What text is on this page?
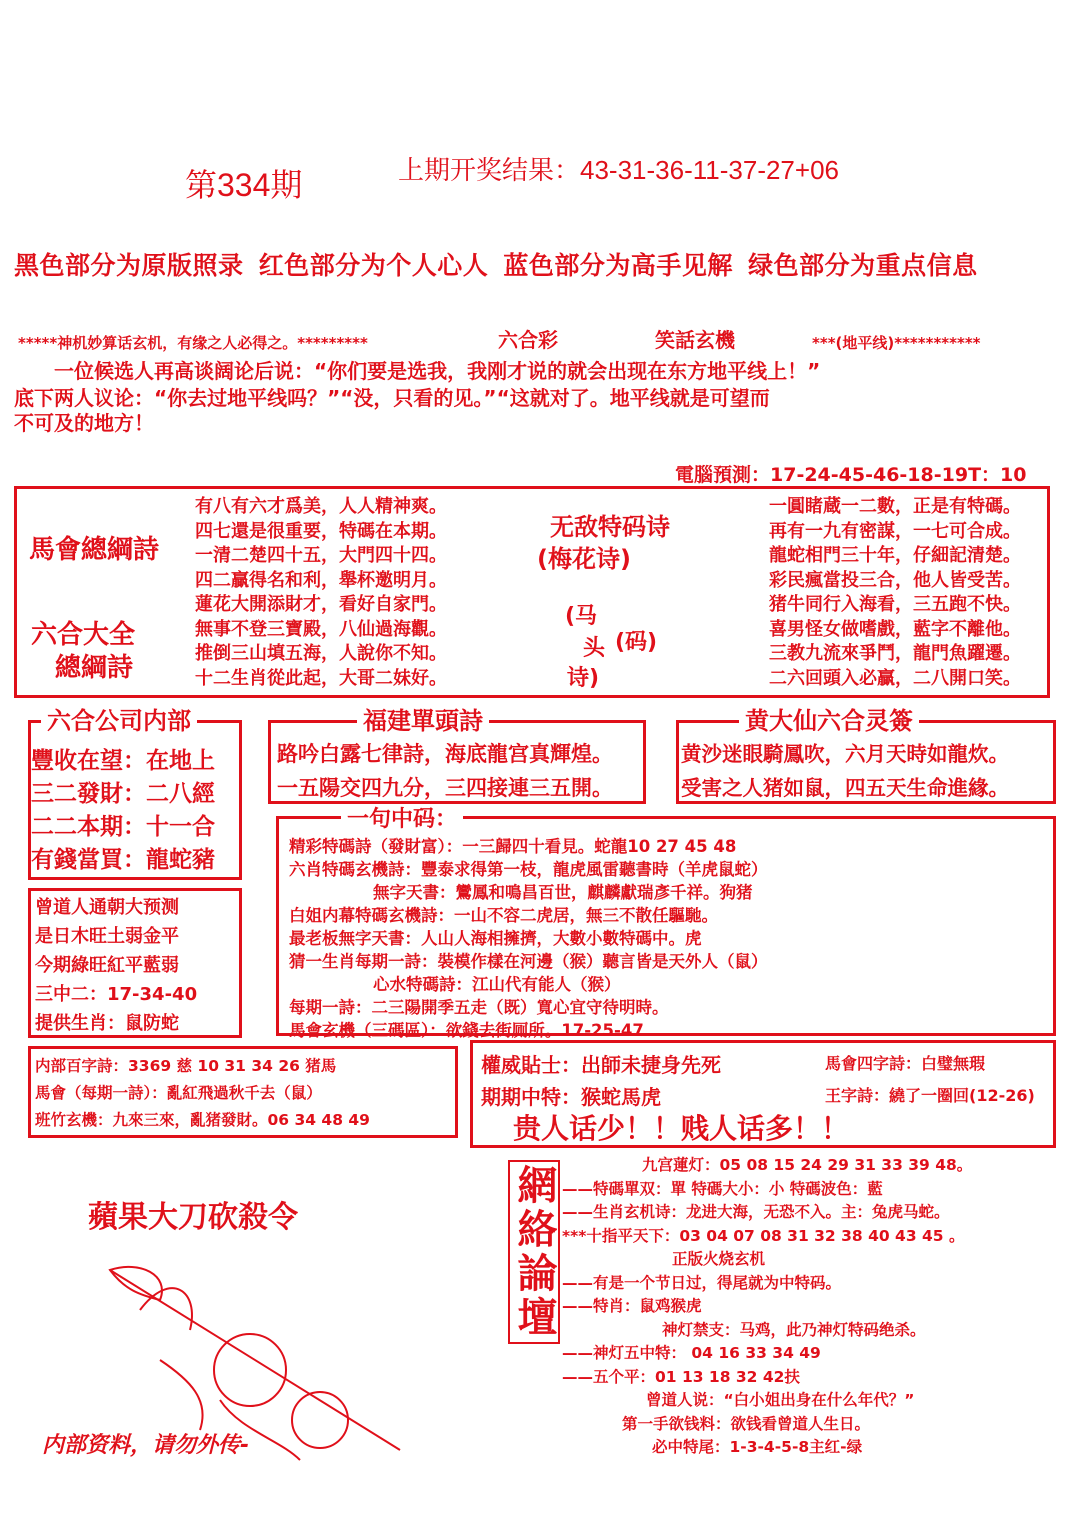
第334期	上期开奖结果：43-31-36-11-37-27+06
黑色部分为原版照录 红色部分为个人心人 蓝色部分为高手见解 绿色部分为重点信息
*****神机妙算话玄机，有缘之人必得之。*********	六合彩	笑話玄機	***(地平线)***********
一位候选人再高谈阔论后说：“你们要是选我，我刚才说的就会出现在东方地平线上！”
底下两人议论：“你去过地平线吗？”“没，只看的见。”“这就对了。地平线就是可望而
不可及的地方！
電腦預測：17-24-45-46-18-19T：10
馬會總綱詩
六合大全
總綱詩
有八有六才爲美，人人精神爽。
四七還是很重要，特碼在本期。
一清二楚四十五，大門四十四。
四二贏得名和利，舉杯邀明月。
蓮花大開添財才，看好自家門。
無事不登三寶殿，八仙過海觀。
推倒三山填五海，人說你不知。
十二生肖從此起，大哥二妹好。
无敌特码诗
(梅花诗)
(马
头 (码)
诗)
一圓睹蔵一二數，正是有特碼。
再有一九有密謀，一七可合成。
龍蛇相門三十年，仔細記清楚。
彩民瘋當投三合，他人皆受苦。
猪牛同行入海看，三五跑不快。
喜男怪女做嗜戲，藍字不離他。
三教九流來爭鬥，龍門魚躍遷。
二六回頭入必贏，二八開口笑。
六合公司内部
豐收在望：在地上
三二發財：二八經
二二本期：十一合
有錢當買：龍蛇豬
福建單頭詩
路吟白露七律詩，海底龍宫真輝煌。
一五陽交四九分，三四接連三五開。
黄大仙六合灵簽
黄沙迷眼騎鳳吹，六月天時如龍炊。
受害之人猪如鼠，四五天生命進緣。
一句中码：
精彩特碼詩（發財富）：一三歸四十看見。蛇龍10 27 45 48
六肖特碼玄機詩：豐泰求得第一枝，龍虎風雷聽書時（羊虎鼠蛇）
無字天書：鸞鳳和鳴昌百世，麒麟獻瑞彥千祥。狗猪
白姐内幕特碼玄機詩：一山不容二虎居，無三不散任驅馳。
最老板無字天書：人山人海相擁擠，大數小數特碼中。虎
猜一生肖每期一詩：裝模作樣在河邊（猴）聽言皆是天外人（鼠）
心水特碼詩：江山代有能人（猴）
每期一詩：二三陽開季五走（既）寬心宜守待明時。
馬會玄機（三碼區）：欲錢去街厕所。17-25-47
曾道人通朝大预测
是日木旺土弱金平
今期綠旺紅平藍弱
三中二：17-34-40
提供生肖：鼠防蛇
内部百字詩：3369 慈 10 31 34 26 猪馬
馬會（每期一詩）：亂紅飛過秋千去（鼠）
班竹玄機：九來三來，亂猪發財。06 34 48 49
權威貼士：出師未捷身先死
期期中特：猴蛇馬虎
馬會四字詩：白璧無瑕
王字詩：繞了一圈回(12-26)
贵人话少！！贱人话多！！
蘋果大刀砍殺令
内部资料，请勿外传-
網絡論壇	九宫蓮灯：05 08 15 24 29 31 33 39 48。
——特碼單双：單 特碼大小：小 特碼波色：藍
——生肖玄机诗：龙进大海，无恐不入。主：兔虎马蛇。
***十指平天下：03 04 07 08 31 32 38 40 43 45 。
正版火烧玄机
——有是一个节日过，得尾就为中特码。
——特肖：鼠鸡猴虎
神灯禁支：马鸡，此乃神灯特码绝杀。
——神灯五中特： 04 16 33 34 49
——五个平：01 13 18 32 42扶
曾道人说：“白小姐出身在什么年代？”
第一手欲钱料：欲钱看曾道人生日。
必中特尾：1-3-4-5-8主红-绿
